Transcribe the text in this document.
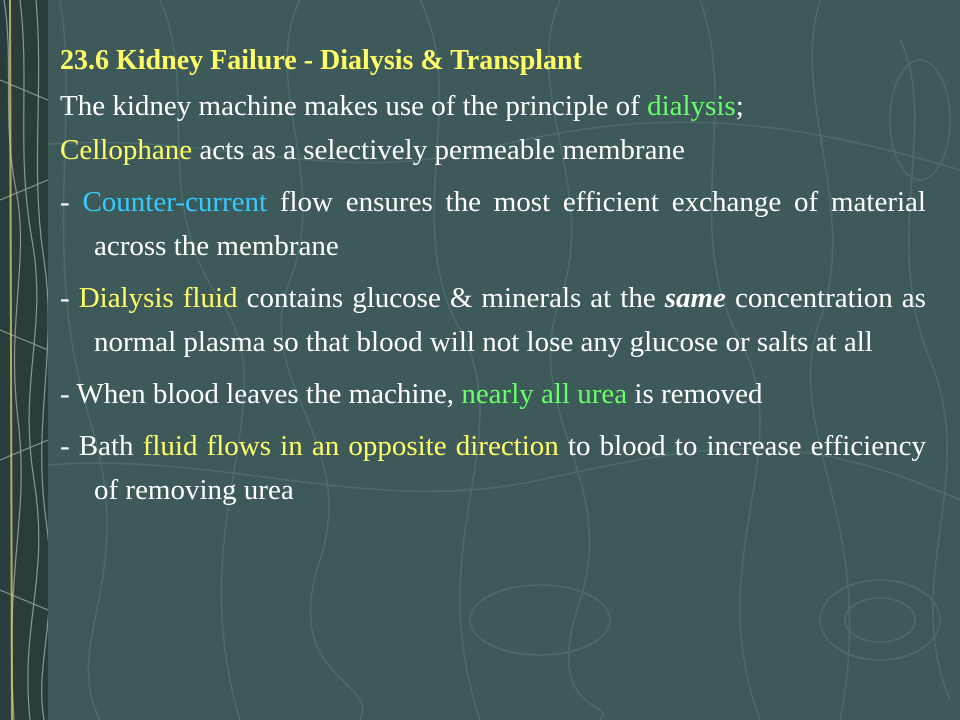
23.6 Kidney Failure - Dialysis & Transplant

The kidney machine makes use of the principle of dialysis;

Cellophane acts as a selectively permeable membrane

- Counter-current flow ensures the most efficient exchange of material across the membrane

- Dialysis fluid contains glucose & minerals at the same concentration as normal plasma so that blood will not lose any glucose or salts at all

- When blood leaves the machine, nearly all urea is removed

- Bath fluid flows in an opposite direction to blood to increase efficiency of removing urea
